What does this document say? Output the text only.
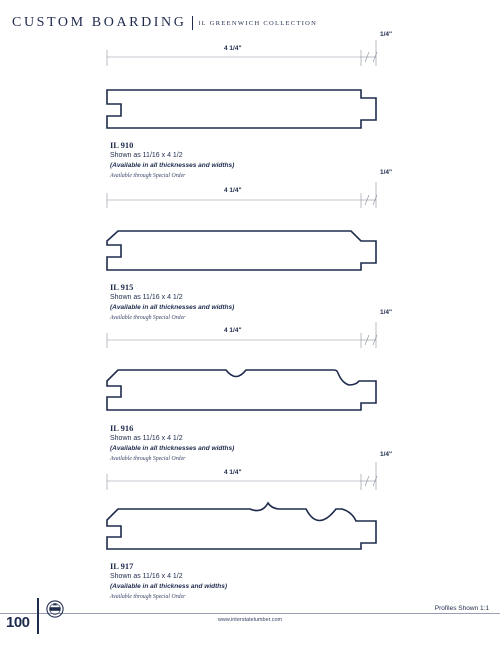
CUSTOM BOARDING IL GREENWICH COLLECTION
4 1/4"
1/4"
IL 910
Shown as 11/16 x 4 1/2
(Available in all thicknesses and widths)
Available through Special Order
4 1/4"
1/4"
IL 915
Shown as 11/16 x 4 1/2
(Available in all thicknesses and widths)
Available through Special Order
4 1/4"
1/4"
IL 916
Shown as 11/16 x 4 1/2
(Available in all thicknesses and widths)
Available through Special Order
4 1/4"
1/4"
IL 917
Shown as 11/16 x 4 1/2
(Available in all thickness and widths)
Available through Special Order
100	www.interstatelumber.com
Profiles Shown 1:1
